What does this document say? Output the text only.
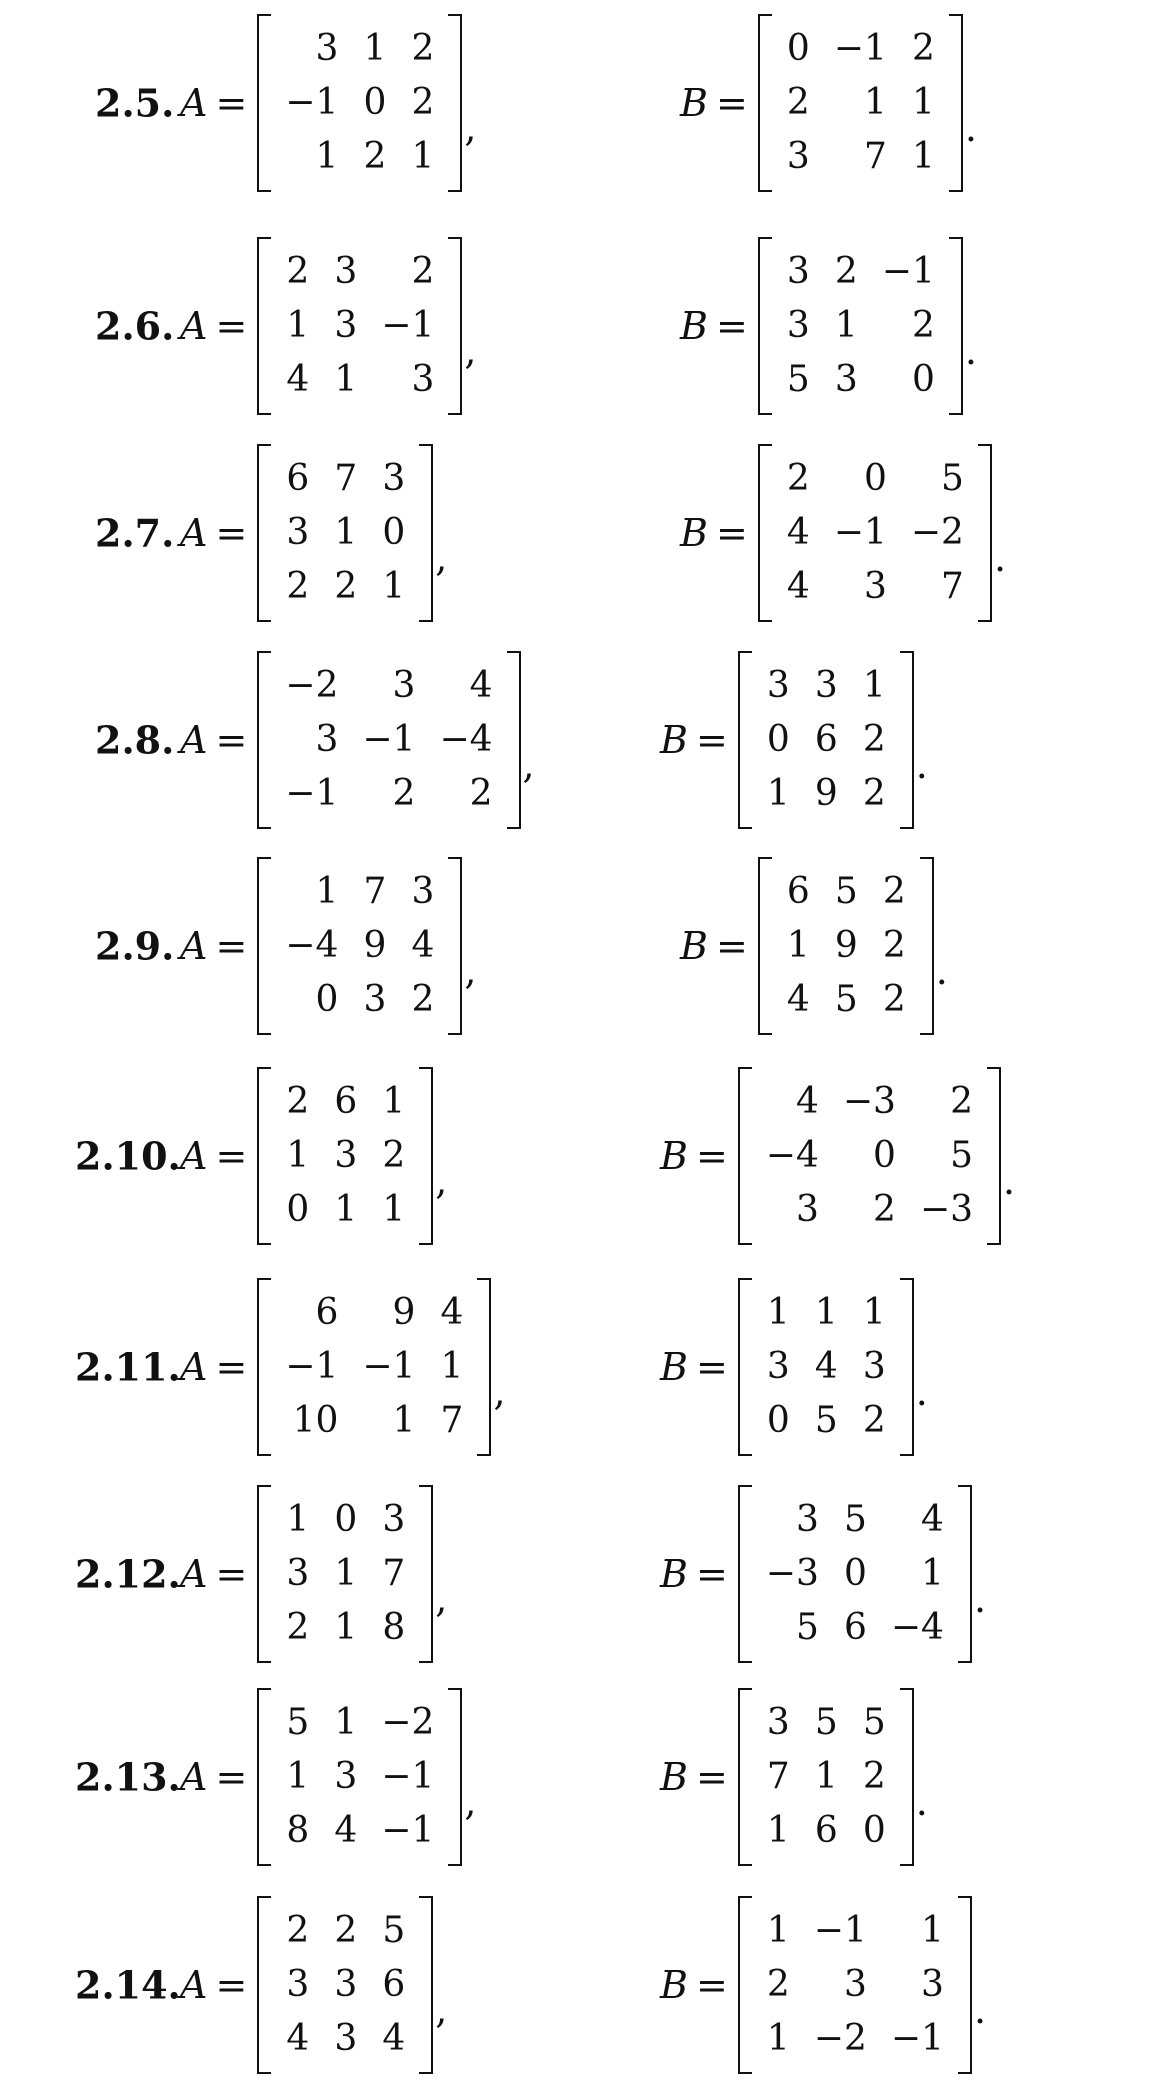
2.5. A =
3	1	2
−1	0	2
1	2	1
,
B =
0	−1	2
2	1	1
3	7	1
.
2.6. A =
2	3	2
1	3	−1
4	1	3
,
B =
3	2	−1
3	1	2
5	3	0
.
2.7. A =
6	7	3
3	1	0
2	2	1
,
B =
2	0	5
4	−1	−2
4	3	7
.
2.8. A =
−2	3	4
3	−1	−4
−1	2	2
,
B =
3	3	1
0	6	2
1	9	2
.
2.9. A =
1	7	3
−4	9	4
0	3	2
,
B =
6	5	2
1	9	2
4	5	2
.
2.10. A =
2	6	1
1	3	2
0	1	1
,
B =
4	−3	2
−4	0	5
3	2	−3
.
2.11. A =
6	9	4
−1	−1	1
10	1	7
,
B =
1	1	1
3	4	3
0	5	2
.
2.12. A =
1	0	3
3	1	7
2	1	8
,
B =
3	5	4
−3	0	1
5	6	−4
.
2.13. A =
5	1	−2
1	3	−1
8	4	−1
,
B =
3	5	5
7	1	2
1	6	0
.
2.14. A =
2	2	5
3	3	6
4	3	4
,
B =
1	−1	1
2	3	3
1	−2	−1
.
